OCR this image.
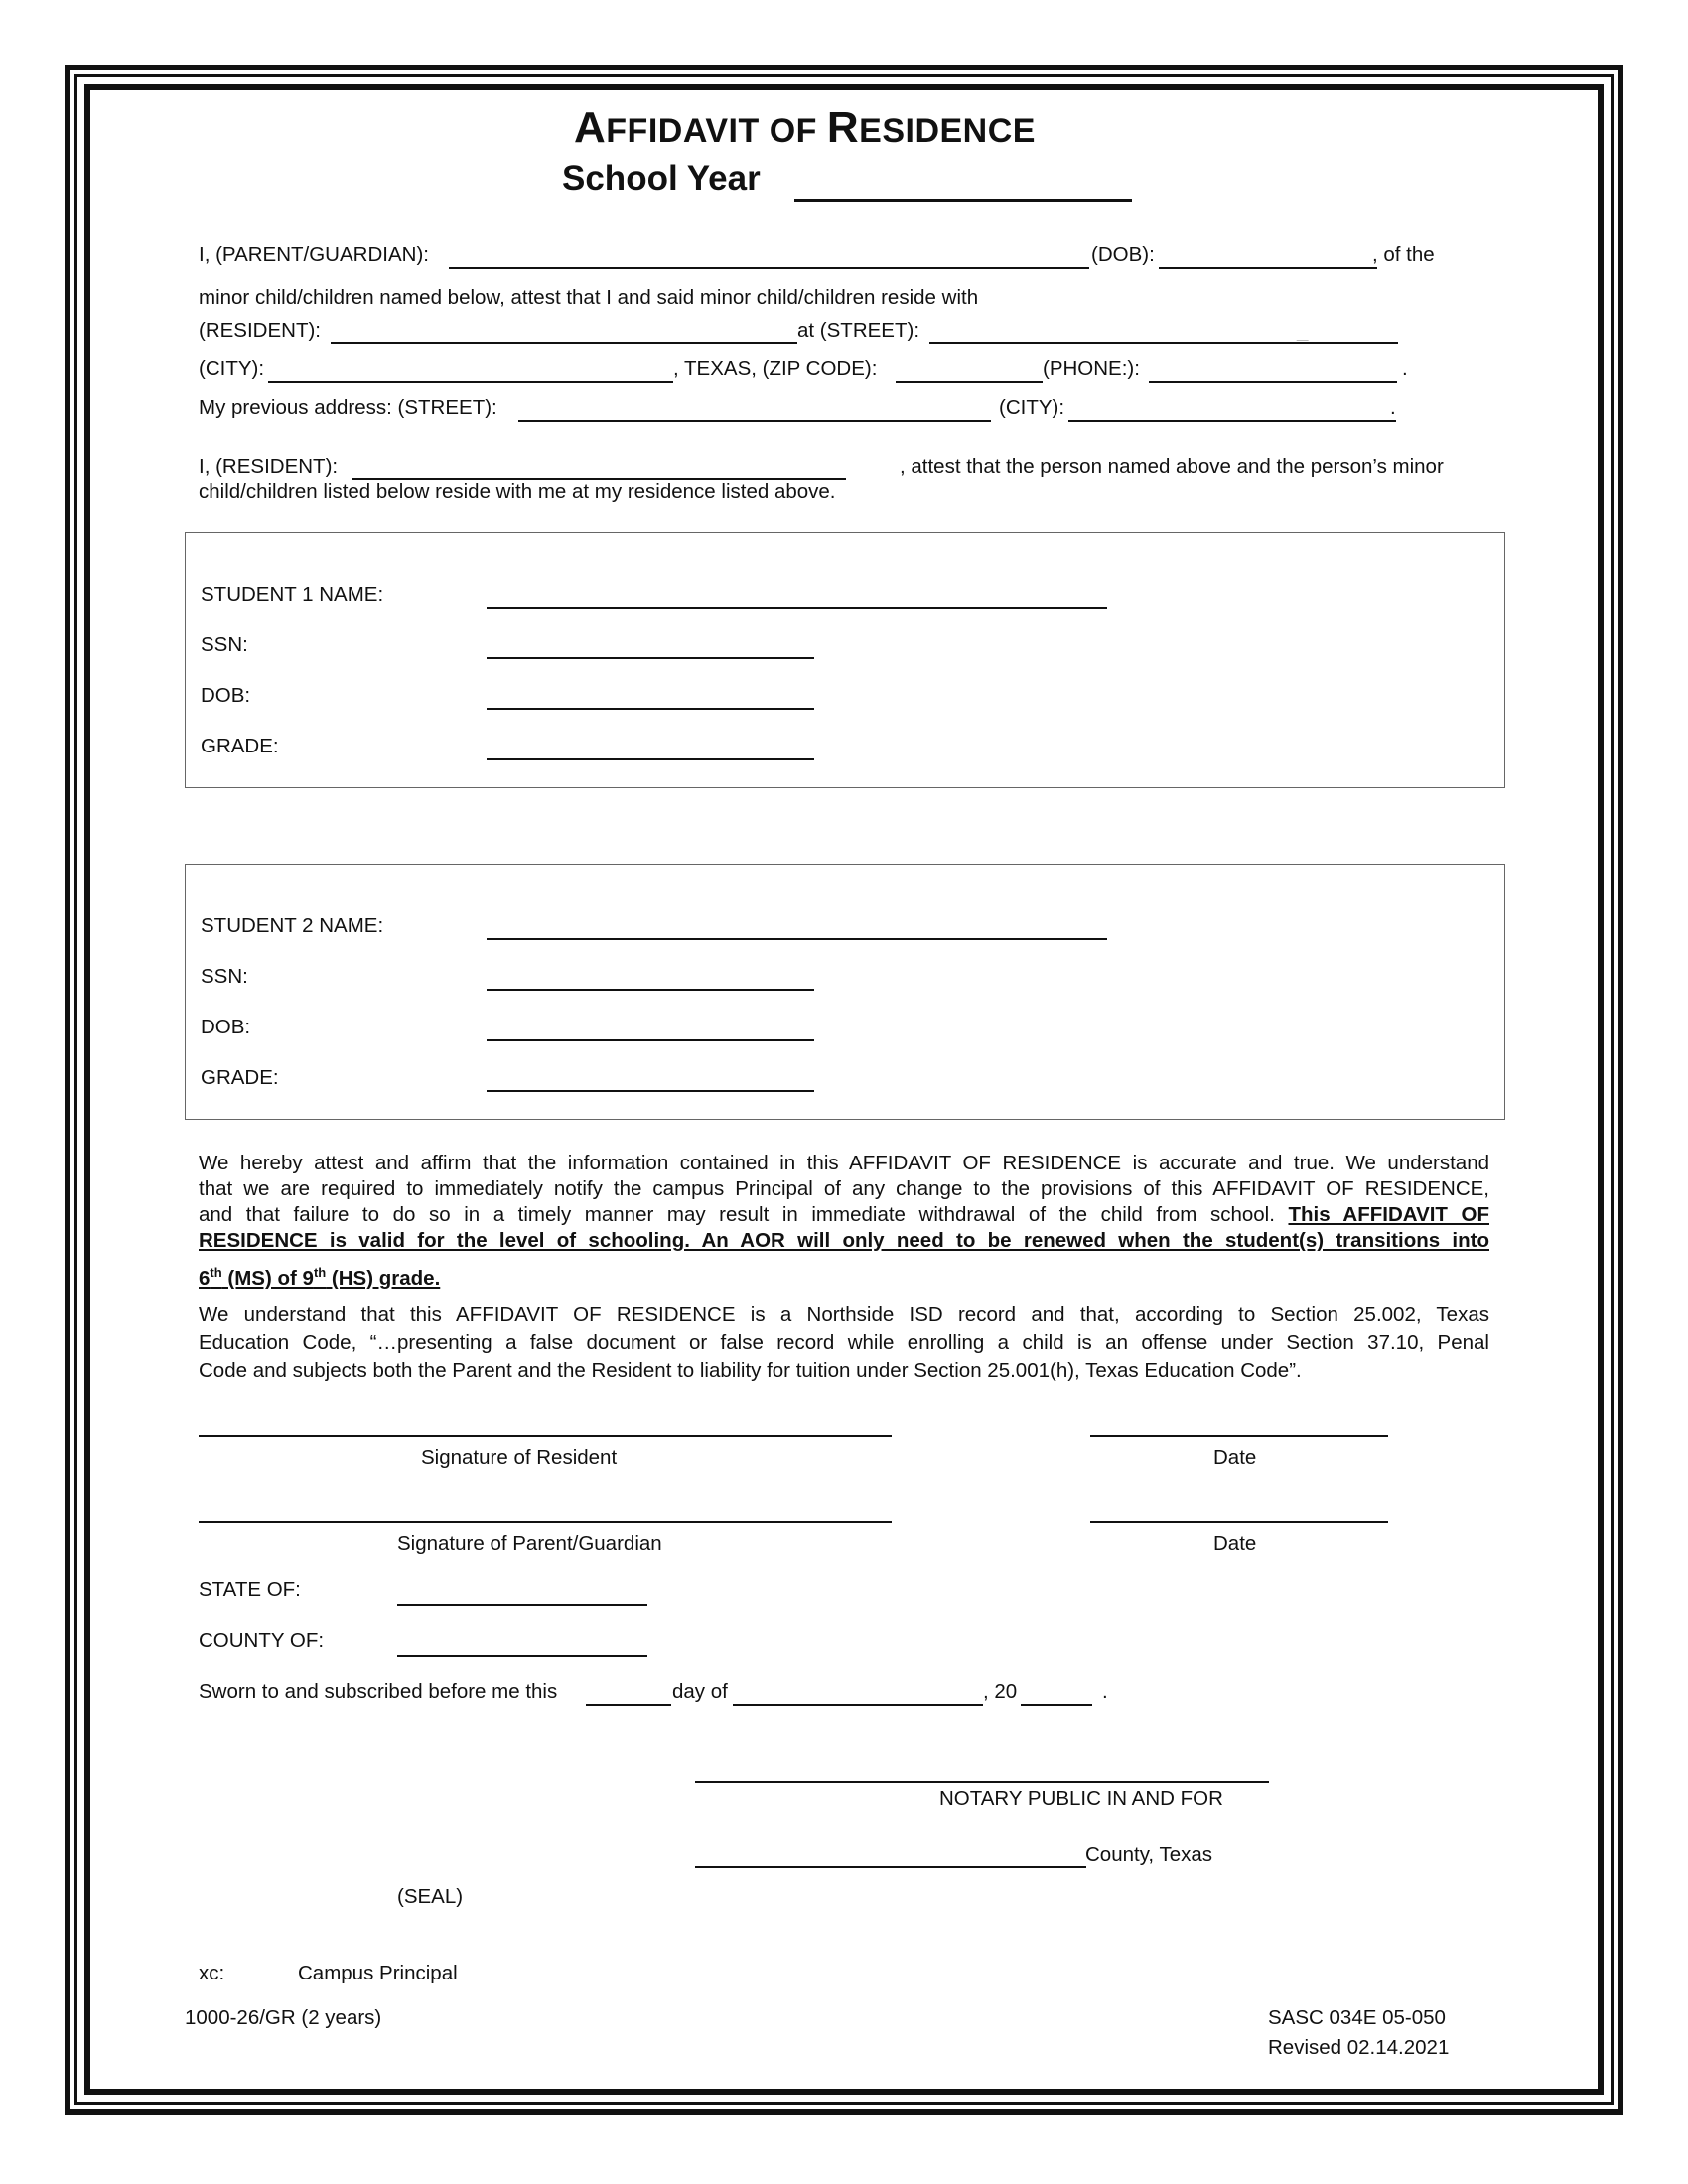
AFFIDAVIT OF RESIDENCE
School Year
I, (PARENT/GUARDIAN):	(DOB):	, of the
minor child/children named below, attest that I and said minor child/children reside with
(RESIDENT):	at (STREET):	_
(CITY):	, TEXAS, (ZIP CODE):	(PHONE:):	.
My previous address: (STREET):	(CITY):	.
I, (RESIDENT):	, attest that the person named above and the person’s minor
child/children listed below reside with me at my residence listed above.
STUDENT 1 NAME:
SSN:
DOB:
GRADE:
STUDENT 2 NAME:
SSN:
DOB:
GRADE:
We hereby attest and affirm that the information contained in this AFFIDAVIT OF RESIDENCE is accurate and true. We understand
that we are required to immediately notify the campus Principal of any change to the provisions of this AFFIDAVIT OF RESIDENCE,
and that failure to do so in a timely manner may result in immediate withdrawal of the child from school. This AFFIDAVIT OF
RESIDENCE is valid for the level of schooling. An AOR will only need to be renewed when the student(s) transitions into
6th (MS) of 9th (HS) grade.
We understand that this AFFIDAVIT OF RESIDENCE is a Northside ISD record and that, according to Section 25.002, Texas
Education Code, “…presenting a false document or false record while enrolling a child is an offense under Section 37.10, Penal
Code and subjects both the Parent and the Resident to liability for tuition under Section 25.001(h), Texas Education Code”.
Signature of Resident	Date
Signature of Parent/Guardian	Date
STATE OF:
COUNTY OF:
Sworn to and subscribed before me this	day of	, 20	.
NOTARY PUBLIC IN AND FOR
County, Texas
(SEAL)
xc:	Campus Principal
1000-26/GR (2 years)	SASC 034E 05-050
Revised 02.14.2021
